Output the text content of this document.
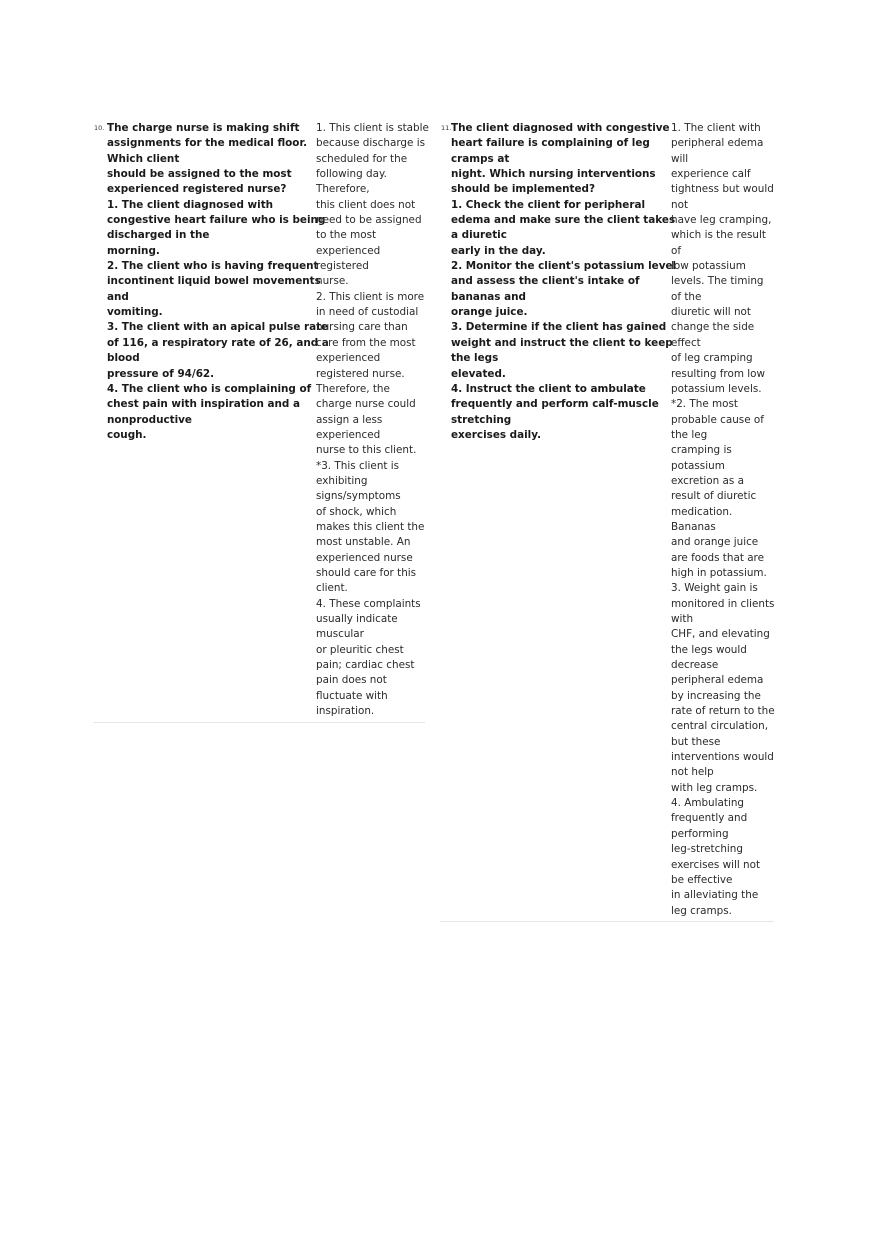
10. The charge nurse is making shift
assignments for the medical floor.
Which client
should be assigned to the most
experienced registered nurse?
1. The client diagnosed with
congestive heart failure who is being
discharged in the
morning.
2. The client who is having frequent
incontinent liquid bowel movements
and
vomiting.
3. The client with an apical pulse rate
of 116, a respiratory rate of 26, and a
blood
pressure of 94/62.
4. The client who is complaining of
chest pain with inspiration and a
nonproductive
cough.
1. This client is stable
because discharge is
scheduled for the
following day.
Therefore,
this client does not
need to be assigned
to the most
experienced
registered
nurse.
2. This client is more
in need of custodial
nursing care than
care from the most
experienced
registered nurse.
Therefore, the
charge nurse could
assign a less
experienced
nurse to this client.
*3. This client is
exhibiting
signs/symptoms
of shock, which
makes this client the
most unstable. An
experienced nurse
should care for this
client.
4. These complaints
usually indicate
muscular
or pleuritic chest
pain; cardiac chest
pain does not
fluctuate with
inspiration.
11. The client diagnosed with congestive
heart failure is complaining of leg
cramps at
night. Which nursing interventions
should be implemented?
1. Check the client for peripheral
edema and make sure the client takes
a diuretic
early in the day.
2. Monitor the client's potassium level
and assess the client's intake of
bananas and
orange juice.
3. Determine if the client has gained
weight and instruct the client to keep
the legs
elevated.
4. Instruct the client to ambulate
frequently and perform calf-muscle
stretching
exercises daily.
1. The client with
peripheral edema
will
experience calf
tightness but would
not
have leg cramping,
which is the result
of
low potassium
levels. The timing
of the
diuretic will not
change the side
effect
of leg cramping
resulting from low
potassium levels.
*2. The most
probable cause of
the leg
cramping is
potassium
excretion as a
result of diuretic
medication.
Bananas
and orange juice
are foods that are
high in potassium.
3. Weight gain is
monitored in clients
with
CHF, and elevating
the legs would
decrease
peripheral edema
by increasing the
rate of return to the
central circulation,
but these
interventions would
not help
with leg cramps.
4. Ambulating
frequently and
performing
leg-stretching
exercises will not
be effective
in alleviating the
leg cramps.
